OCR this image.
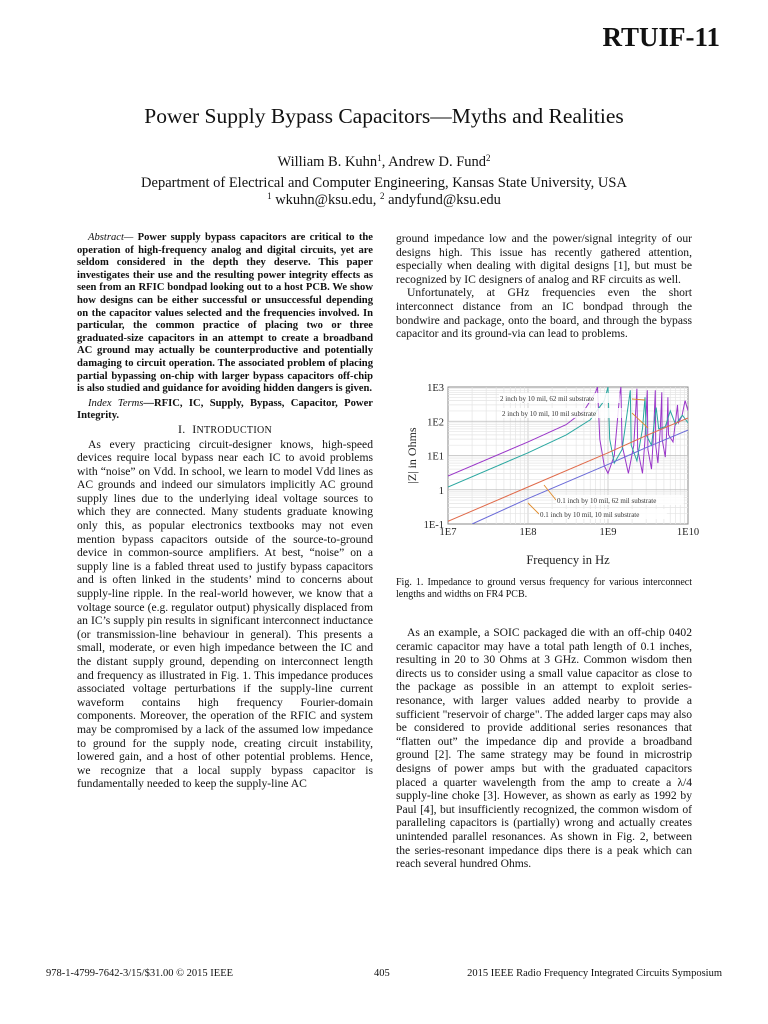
RTUIF-11
Power Supply Bypass Capacitors—Myths and Realities
William B. Kuhn$^1$, Andrew D. Fund$^2$
Department of Electrical and Computer Engineering, Kansas State University, USA
$^1$ wkuhn@ksu.edu, $^2$ andyfund@ksu.edu

Abstract— Power supply bypass capacitors are critical to the operation of high-frequency analog and digital circuits, yet are seldom considered in the depth they deserve. This paper investigates their use and the resulting power integrity effects as seen from an RFIC bondpad looking out to a host PCB. We show how designs can be either successful or unsuccessful depending on the capacitor values selected and the frequencies involved. In particular, the common practice of placing two or three graduated-size capacitors in an attempt to create a broadband AC ground may actually be counterproductive and potentially damaging to circuit operation. The associated problem of placing partial bypassing on-chip with larger bypass capacitors off-chip is also studied and guidance for avoiding hidden dangers is given.

Index Terms—RFIC, IC, Supply, Bypass, Capacitor, Power Integrity.

I. INTRODUCTION

As every practicing circuit-designer knows, high-speed devices require local bypass near each IC to avoid problems with “noise” on Vdd. In school, we learn to model Vdd lines as AC grounds and indeed our simulators implicitly AC ground supply lines due to the underlying ideal voltage sources to which they are connected. Many students graduate knowing only this, as popular electronics textbooks may not even mention bypass capacitors outside of the source-to-ground device in common-source amplifiers. At best, “noise” on a supply line is a fabled threat used to justify bypass capacitors and is often linked in the students’ mind to concerns about supply-line ripple. In the real-world however, we know that a voltage source (e.g. regulator output) physically displaced from an IC’s supply pin results in significant interconnect inductance (or transmission-line behaviour in general). This presents a small, moderate, or even high impedance between the IC and the distant supply ground, depending on interconnect length and frequency as illustrated in Fig. 1. This impedance produces associated voltage perturbations if the supply-line current waveform contains high frequency Fourier-domain components. Moreover, the operation of the RFIC and system may be compromised by a lack of the assumed low impedance to ground for the supply node, creating circuit instability, lowered gain, and a host of other potential problems. Hence, we recognize that a local supply bypass capacitor is fundamentally needed to keep the supply-line AC

ground impedance low and the power/signal integrity of our designs high. This issue has recently gathered attention, especially when dealing with digital designs [1], but must be recognized by IC designers of analog and RF circuits as well.

Unfortunately, at GHz frequencies even the short interconnect distance from an IC bondpad through the bondwire and package, onto the board, and through the bypass capacitor and its ground-via can lead to problems.

1E7	1E8	1E9	1E10
1E-1
1
1E1
1E2
1E3
Frequency in Hz
|Z| in Ohms
2 inch by 10 mil, 62 mil substrate
2 inch by 10 mil, 10 mil substrate
0.1 inch by 10 mil, 62 mil substrate
0.1 inch by 10 mil, 10 mil substrate
Fig. 1. Impedance to ground versus frequency for various interconnect lengths and widths on FR4 PCB.

As an example, a SOIC packaged die with an off-chip 0402 ceramic capacitor may have a total path length of 0.1 inches, resulting in 20 to 30 Ohms at 3 GHz. Common wisdom then directs us to consider using a small value capacitor as close to the package as possible in an attempt to exploit series-resonance, with larger values added nearby to provide a sufficient "reservoir of charge". The added larger caps may also be considered to provide additional series resonances that “flatten out” the impedance dip and provide a broadband ground [2]. The same strategy may be found in microstrip designs of power amps but with the graduated capacitors placed a quarter wavelength from the amp to create a λ/4 supply-line choke [3]. However, as shown as early as 1992 by Paul [4], but insufficiently recognized, the common wisdom of paralleling capacitors is (partially) wrong and actually creates unintended parallel resonances. As shown in Fig. 2, between the series-resonant impedance dips there is a peak which can reach several hundred Ohms.

978-1-4799-7642-3/15/$31.00 © 2015 IEEE	405	2015 IEEE Radio Frequency Integrated Circuits Symposium
